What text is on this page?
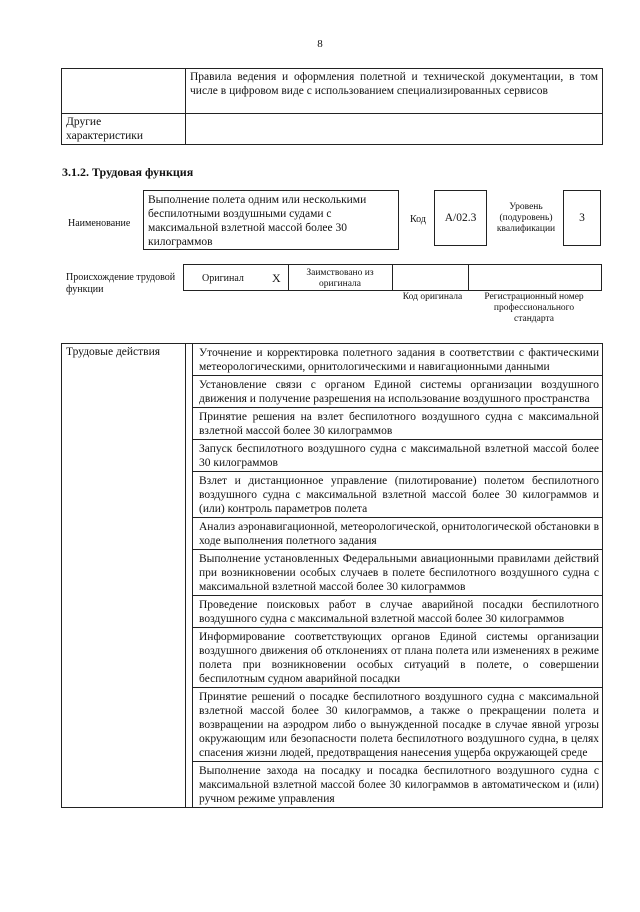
8
	Правила ведения и оформления полетной и технической документации, в том числе в цифровом виде с использованием специализированных сервисов
Другие характеристики	
3.1.2. Трудовая функция
Наименование
Выполнение полета одним или несколькими беспилотными воздушными судами с максимальной взлетной массой более 30 килограммов
Код	A/02.3
Уровень (подуровень) квалификации
3
Происхождение трудовой функции
Оригинал X	Заимствовано из оригинала
Код оригинала	Регистрационный номер профессионального стандарта
Трудовые действия	Уточнение и корректировка полетного задания в соответствии с фактическими метеорологическими, орнитологическими и навигационными данными
Установление связи с органом Единой системы организации воздушного движения и получение разрешения на использование воздушного пространства
Принятие решения на взлет беспилотного воздушного судна с максимальной взлетной массой более 30 килограммов
Запуск беспилотного воздушного судна с максимальной взлетной массой более 30 килограммов
Взлет и дистанционное управление (пилотирование) полетом беспилотного воздушного судна с максимальной взлетной массой более 30 килограммов и (или) контроль параметров полета
Анализ аэронавигационной, метеорологической, орнитологической обстановки в ходе выполнения полетного задания
Выполнение установленных Федеральными авиационными правилами действий при возникновении особых случаев в полете беспилотного воздушного судна с максимальной взлетной массой более 30 килограммов
Проведение поисковых работ в случае аварийной посадки беспилотного воздушного судна с максимальной взлетной массой более 30 килограммов
Информирование соответствующих органов Единой системы организации воздушного движения об отклонениях от плана полета или изменениях в режиме полета при возникновении особых ситуаций в полете, о совершении беспилотным судном аварийной посадки
Принятие решений о посадке беспилотного воздушного судна с максимальной взлетной массой более 30 килограммов, а также о прекращении полета и возвращении на аэродром либо о вынужденной посадке в случае явной угрозы окружающим или безопасности полета беспилотного воздушного судна, в целях спасения жизни людей, предотвращения нанесения ущерба окружающей среде
Выполнение захода на посадку и посадка беспилотного воздушного судна с максимальной взлетной массой более 30 килограммов в автоматическом и (или) ручном режиме управления
